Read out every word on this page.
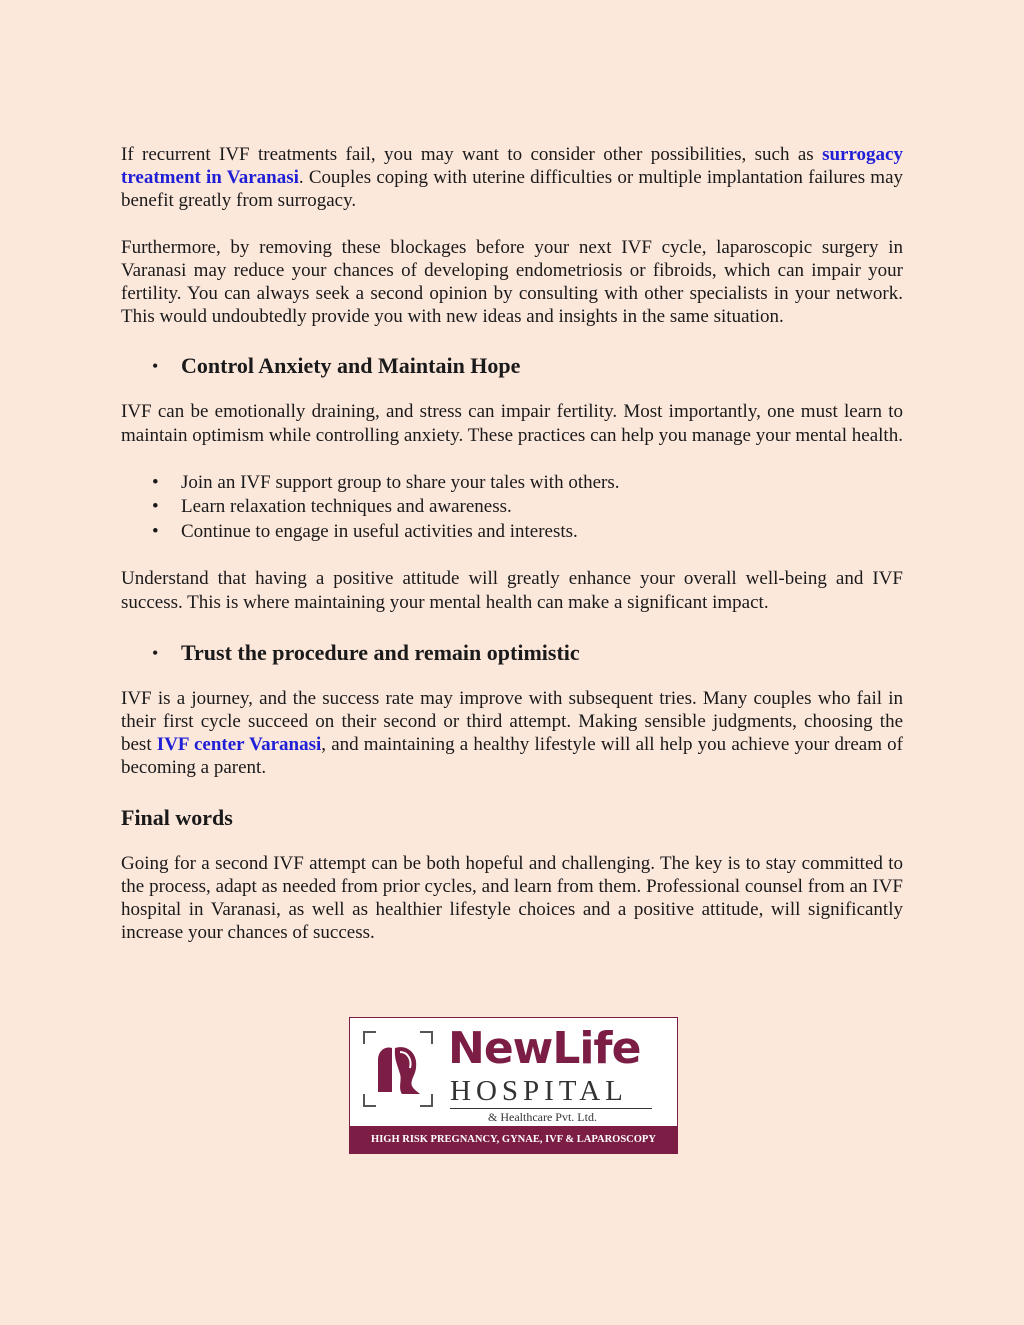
If recurrent IVF treatments fail, you may want to consider other possibilities, such as surrogacy treatment in Varanasi. Couples coping with uterine difficulties or multiple implantation failures may benefit greatly from surrogacy.

Furthermore, by removing these blockages before your next IVF cycle, laparoscopic surgery in Varanasi may reduce your chances of developing endometriosis or fibroids, which can impair your fertility. You can always seek a second opinion by consulting with other specialists in your network. This would undoubtedly provide you with new ideas and insights in the same situation.

• Control Anxiety and Maintain Hope

IVF can be emotionally draining, and stress can impair fertility. Most importantly, one must learn to maintain optimism while controlling anxiety. These practices can help you manage your mental health.

• Join an IVF support group to share your tales with others.
• Learn relaxation techniques and awareness.
• Continue to engage in useful activities and interests.

Understand that having a positive attitude will greatly enhance your overall well-being and IVF success. This is where maintaining your mental health can make a significant impact.

• Trust the procedure and remain optimistic

IVF is a journey, and the success rate may improve with subsequent tries. Many couples who fail in their first cycle succeed on their second or third attempt. Making sensible judgments, choosing the best IVF center Varanasi, and maintaining a healthy lifestyle will all help you achieve your dream of becoming a parent.

Final words

Going for a second IVF attempt can be both hopeful and challenging. The key is to stay committed to the process, adapt as needed from prior cycles, and learn from them. Professional counsel from an IVF hospital in Varanasi, as well as healthier lifestyle choices and a positive attitude, will significantly increase your chances of success.

NewLife
HOSPITAL
& Healthcare Pvt. Ltd.
HIGH RISK PREGNANCY, GYNAE, IVF & LAPAROSCOPY
